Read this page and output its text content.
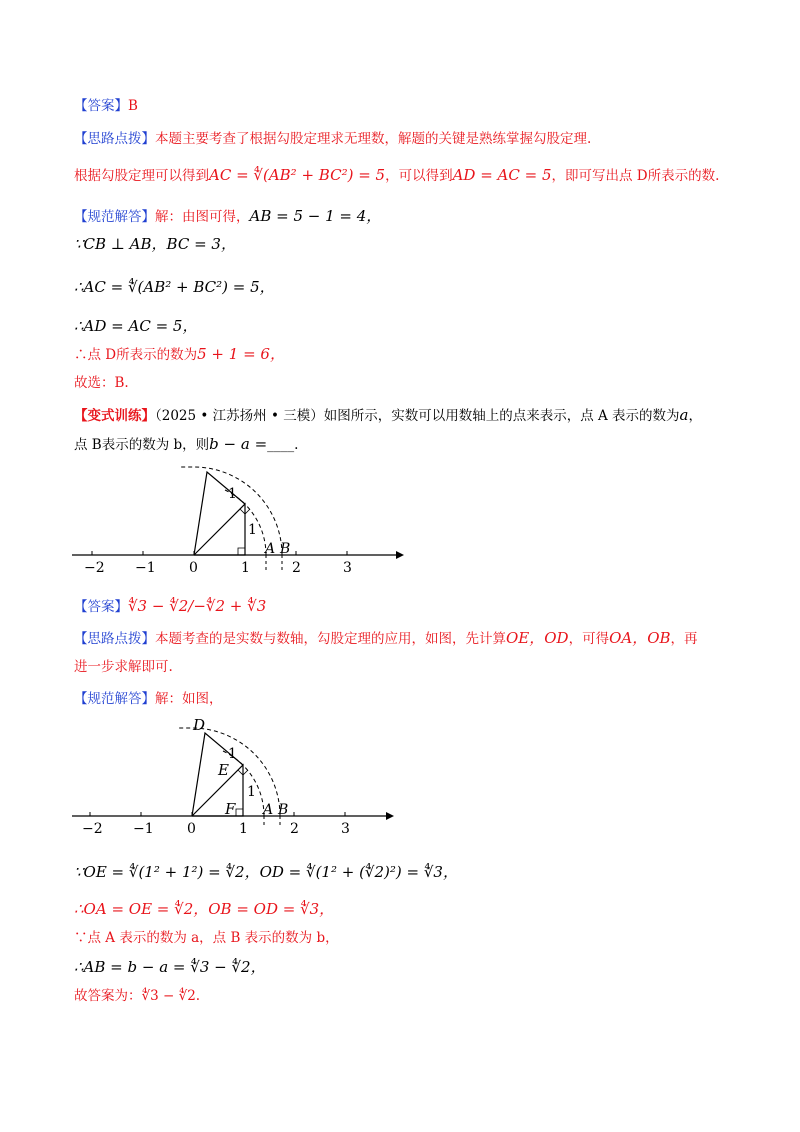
【答案】B
【思路点拨】本题主要考查了根据勾股定理求无理数，解题的关键是熟练掌握勾股定理.
根据勾股定理可以得到AC = ∜(AB² + BC²) = 5，可以得到AD = AC = 5，即可写出点 D所表示的数.
【规范解答】解：由图可得，AB = 5 − 1 = 4，
∵CB ⊥ AB，BC = 3，
∴AC = ∜(AB² + BC²) = 5，
∴AD = AC = 5，
∴点 D所表示的数为5 + 1 = 6，
故选：B.
【变式训练】（2025 • 江苏扬州 • 三模）如图所示，实数可以用数轴上的点来表示，点 A 表示的数为a，
点 B表示的数为 b，则b − a =____.
−2 −1 0	1	2	3
1
1
A B
【答案】∜3 − ∜2/−∜2 + ∜3
【思路点拨】本题考查的是实数与数轴，勾股定理的应用，如图，先计算OE，OD，可得OA，OB，再
进一步求解即可.
【规范解答】解：如图，
−2 −1 0	1	2	3
1
1
D
E
F A B
∵OE = ∜(1² + 1²) = ∜2，OD = ∜(1² + (∜2)²) = ∜3，
∴OA = OE = ∜2，OB = OD = ∜3，
∵点 A 表示的数为 a，点 B 表示的数为 b，
∴AB = b − a = ∜3 − ∜2，
故答案为：∜3 − ∜2.
